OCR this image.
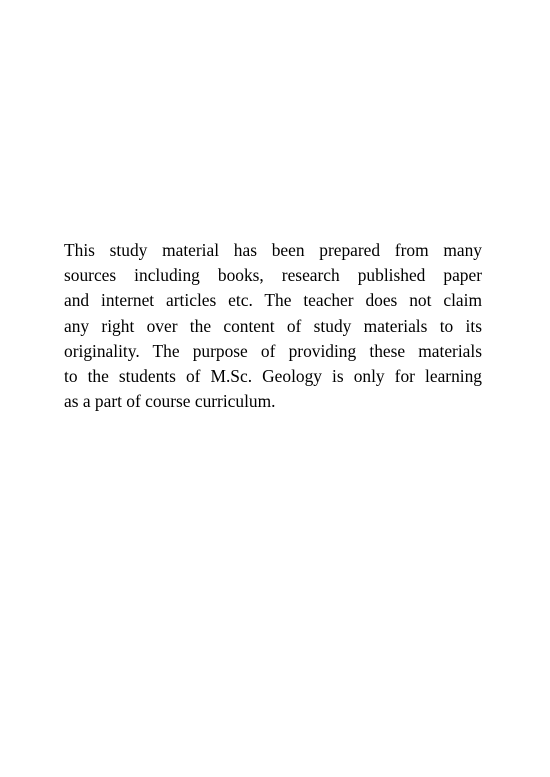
This study material has been prepared from many
sources including books, research published paper
and internet articles etc. The teacher does not claim
any right over the content of study materials to its
originality. The purpose of providing these materials
to the students of M.Sc. Geology is only for learning
as a part of course curriculum.
